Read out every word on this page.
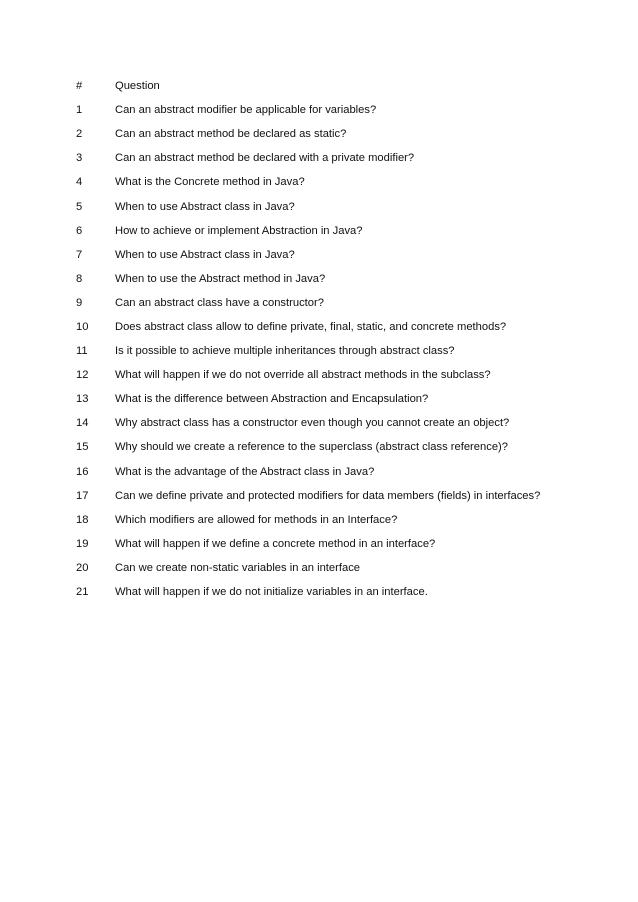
#	Question
1	Can an abstract modifier be applicable for variables?
2	Can an abstract method be declared as static?
3	Can an abstract method be declared with a private modifier?
4	What is the Concrete method in Java?
5	When to use Abstract class in Java?
6	How to achieve or implement Abstraction in Java?
7	When to use Abstract class in Java?
8	When to use the Abstract method in Java?
9	Can an abstract class have a constructor?
10	Does abstract class allow to define private, final, static, and concrete methods?
11	Is it possible to achieve multiple inheritances through abstract class?
12	What will happen if we do not override all abstract methods in the subclass?
13	What is the difference between Abstraction and Encapsulation?
14	Why abstract class has a constructor even though you cannot create an object?
15	Why should we create a reference to the superclass (abstract class reference)?
16	What is the advantage of the Abstract class in Java?
17	Can we define private and protected modifiers for data members (fields) in interfaces?
18	Which modifiers are allowed for methods in an Interface?
19	What will happen if we define a concrete method in an interface?
20	Can we create non-static variables in an interface
21	What will happen if we do not initialize variables in an interface.
